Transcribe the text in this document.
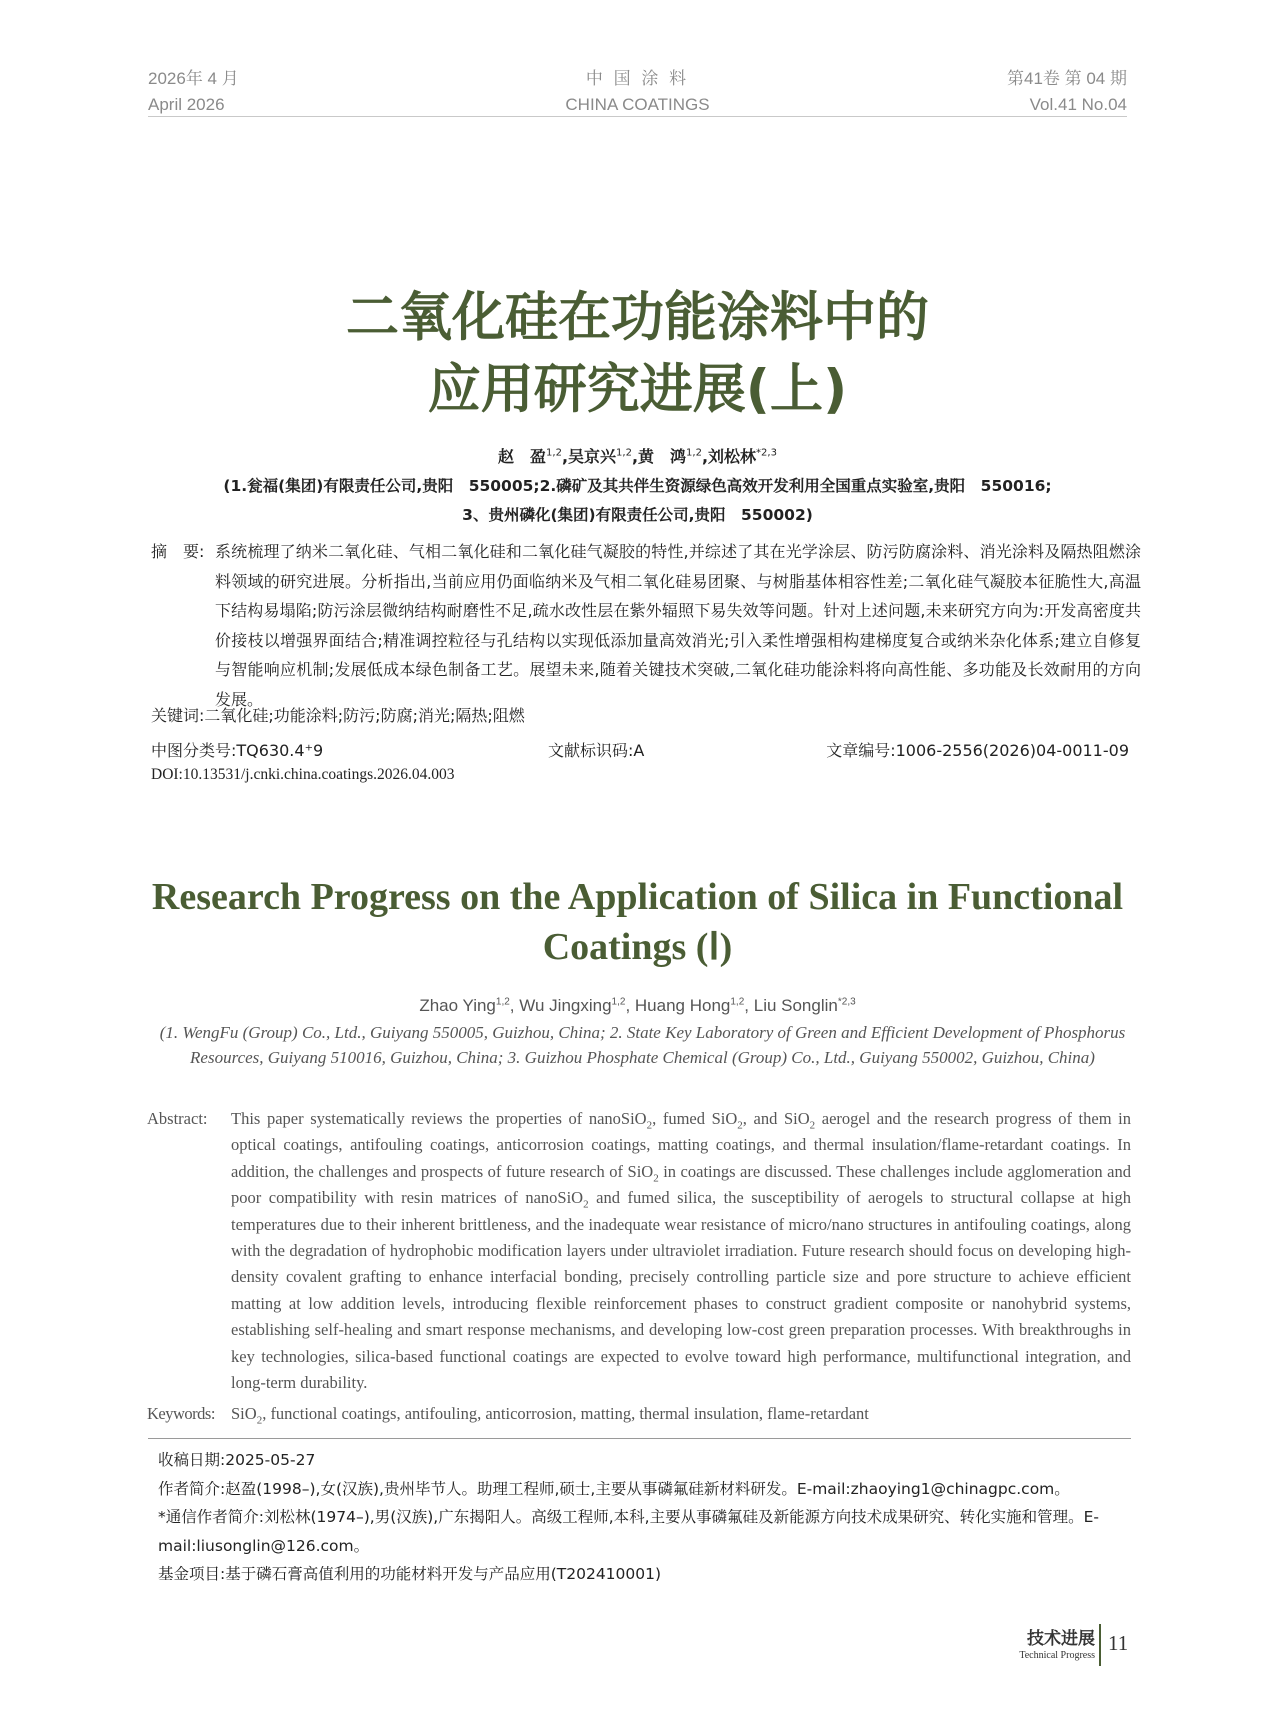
2026年 4 月
April 2026
中 国 涂 料
CHINA COATINGS
第41卷 第 04 期
Vol.41 No.04
二氧化硅在功能涂料中的
应用研究进展(上)
赵　盈$^{1,2}$,吴京兴$^{1,2}$,黄　鸿$^{1,2}$,刘松林$^{*2,3}$
(1.瓮福(集团)有限责任公司,贵阳　550005;2.磷矿及其共伴生资源绿色高效开发利用全国重点实验室,贵阳　550016;
3、贵州磷化(集团)有限责任公司,贵阳　550002)
摘　要: 系统梳理了纳米二氧化硅、气相二氧化硅和二氧化硅气凝胶的特性,并综述了其在光学涂层、防污防腐涂料、消光涂料及隔热阻燃涂料领域的研究进展。分析指出,当前应用仍面临纳米及气相二氧化硅易团聚、与树脂基体相容性差;二氧化硅气凝胶本征脆性大,高温下结构易塌陷;防污涂层微纳结构耐磨性不足,疏水改性层在紫外辐照下易失效等问题。针对上述问题,未来研究方向为:开发高密度共价接枝以增强界面结合;精准调控粒径与孔结构以实现低添加量高效消光;引入柔性增强相构建梯度复合或纳米杂化体系;建立自修复与智能响应机制;发展低成本绿色制备工艺。展望未来,随着关键技术突破,二氧化硅功能涂料将向高性能、多功能及长效耐用的方向发展。
关键词:二氧化硅;功能涂料;防污;防腐;消光;隔热;阻燃
中图分类号:TQ630.4⁺9	文献标识码:A	文章编号:1006-2556(2026)04-0011-09
DOI:10.13531/j.cnki.china.coatings.2026.04.003
Research Progress on the Application of Silica in Functional
Coatings (Ⅰ)
Zhao Ying$^{1,2}$, Wu Jingxing$^{1,2}$, Huang Hong$^{1,2}$, Liu Songlin$^{*2,3}$
(1. WengFu (Group) Co., Ltd., Guiyang 550005, Guizhou, China; 2. State Key Laboratory of Green and Efficient Development of Phosphorus Resources, Guiyang 510016, Guizhou, China; 3. Guizhou Phosphate Chemical (Group) Co., Ltd., Guiyang 550002, Guizhou, China)
Abstract:	This paper systematically reviews the properties of nanoSiO$_2$, fumed SiO$_2$, and SiO$_2$ aerogel and the research progress of them in optical coatings, antifouling coatings, anticorrosion coatings, matting coatings, and thermal insulation/flame-retardant coatings. In addition, the challenges and prospects of future research of SiO$_2$ in coatings are discussed. These challenges include agglomeration and poor compatibility with resin matrices of nanoSiO$_2$ and fumed silica, the susceptibility of aerogels to structural collapse at high temperatures due to their inherent brittleness, and the inadequate wear resistance of micro/nano structures in antifouling coatings, along with the degradation of hydrophobic modification layers under ultraviolet irradiation. Future research should focus on developing high-density covalent grafting to enhance interfacial bonding, precisely controlling particle size and pore structure to achieve efficient matting at low addition levels, introducing flexible reinforcement phases to construct gradient composite or nanohybrid systems, establishing self-healing and smart response mechanisms, and developing low-cost green preparation processes. With breakthroughs in key technologies, silica-based functional coatings are expected to evolve toward high performance, multifunctional integration, and long-term durability.
Keywords: SiO$_2$, functional coatings, antifouling, anticorrosion, matting, thermal insulation, flame-retardant
收稿日期:2025-05-27
作者简介:赵盈(1998–),女(汉族),贵州毕节人。助理工程师,硕士,主要从事磷氟硅新材料研发。E-mail:zhaoying1@chinagpc.com。
*通信作者简介:刘松林(1974–),男(汉族),广东揭阳人。高级工程师,本科,主要从事磷氟硅及新能源方向技术成果研究、转化实施和管理。E-mail:liusonglin@126.com。
基金项目:基于磷石膏高值利用的功能材料开发与产品应用(T202410001)
技术进展
Technical Progress
11
